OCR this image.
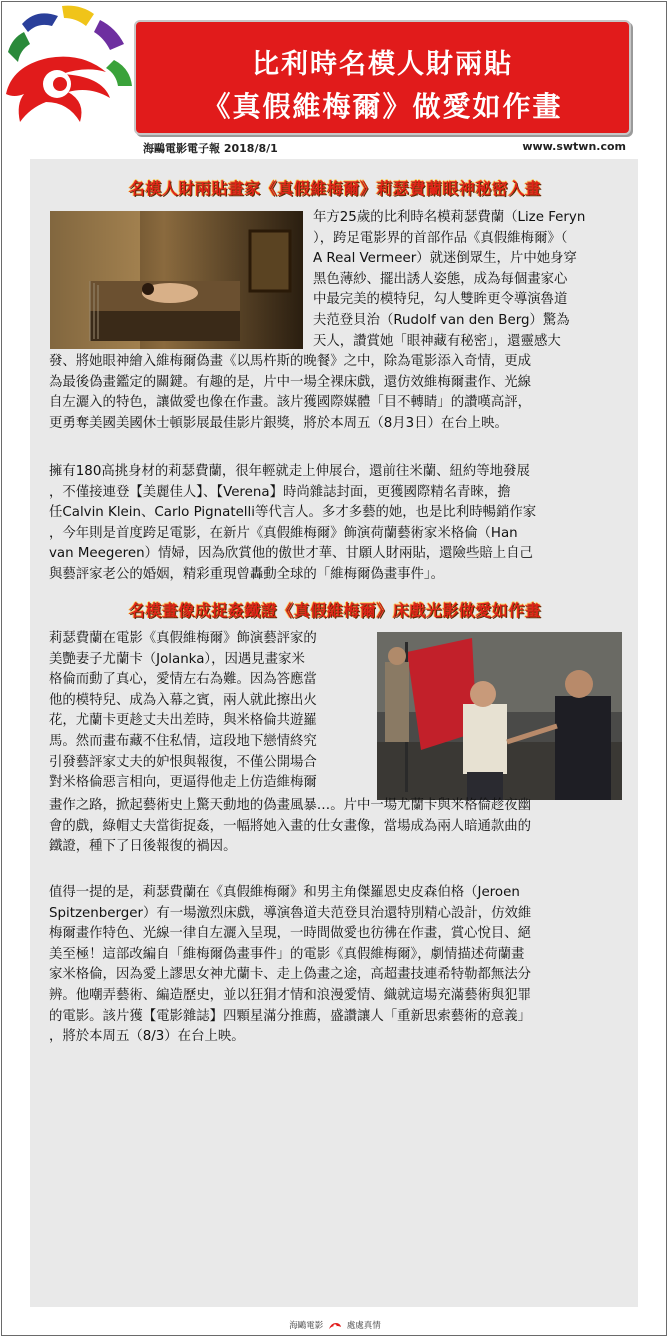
比利時名模人財兩貼
《真假維梅爾》做愛如作畫
海鷗電影電子報 2018/8/1	www.swtwn.com
名模人財兩貼畫家《真假維梅爾》莉瑟費蘭眼神秘密入畫

年方25歲的比利時名模莉瑟費蘭（Lize Feryn
），跨足電影界的首部作品《真假維梅爾》（
A Real Vermeer）就迷倒眾生，片中她身穿
黑色薄紗、擺出誘人姿態，成為每個畫家心
中最完美的模特兒，勾人雙眸更令導演魯道
夫范登貝治（Rudolf van den Berg）驚為
天人，讚賞她「眼神藏有秘密」，還靈感大

發、將她眼神繪入維梅爾偽畫《以馬杵斯的晚餐》之中，除為電影添入奇情，更成
為最後偽畫鑑定的關鍵。有趣的是，片中一場全裸床戲，還仿效維梅爾畫作、光線
自左灑入的特色，讓做愛也像在作畫。該片獲國際媒體「目不轉睛」的讚嘆高評，
更勇奪美國美國休士頓影展最佳影片銀獎，將於本周五（8月3日）在台上映。

擁有180高挑身材的莉瑟費蘭，很年輕就走上伸展台，還前往米蘭、紐約等地發展
，不僅接連登【美麗佳人】、【Verena】時尚雜誌封面，更獲國際精名青睞，擔
任Calvin Klein、Carlo Pignatelli等代言人。多才多藝的她，也是比利時暢銷作家
，今年則是首度跨足電影，在新片《真假維梅爾》飾演荷蘭藝術家米格倫（Han
van Meegeren）情婦，因為欣賞他的傲世才華、甘願人財兩貼，還險些賠上自己
與藝評家老公的婚姻，精彩重現曾轟動全球的「維梅爾偽畫事件」。

名模畫像成捉姦鐵證《真假維梅爾》床戲光影做愛如作畫

莉瑟費蘭在電影《真假維梅爾》飾演藝評家的
美艷妻子尤蘭卡（Jolanka），因遇見畫家米
格倫而動了真心，愛情左右為難。因為答應當
他的模特兒、成為入幕之賓，兩人就此擦出火
花，尤蘭卡更趁丈夫出差時，與米格倫共遊羅
馬。然而畫布藏不住私情，這段地下戀情終究
引發藝評家丈夫的妒恨與報復，不僅公開場合
對米格倫惡言相向，更逼得他走上仿造維梅爾

畫作之路，掀起藝術史上驚天動地的偽畫風暴…。片中一場尤蘭卡與米格倫趁夜幽
會的戲，綠帽丈夫當街捉姦，一幅將她入畫的仕女畫像，當場成為兩人暗通款曲的
鐵證，種下了日後報復的禍因。

值得一提的是，莉瑟費蘭在《真假維梅爾》和男主角傑羅恩史皮森伯格（Jeroen
Spitzenberger）有一場激烈床戲，導演魯道夫范登貝治還特別精心設計，仿效維
梅爾畫作特色、光線一律自左灑入呈現，一時間做愛也彷彿在作畫，賞心悅目、絕
美至極！這部改編自「維梅爾偽畫事件」的電影《真假維梅爾》，劇情描述荷蘭畫
家米格倫，因為愛上謬思女神尤蘭卡、走上偽畫之途，高超畫技連希特勒都無法分
辨。他嘲弄藝術、編造歷史，並以狂狷才情和浪漫愛情、織就這場充滿藝術與犯罪
的電影。該片獲【電影雜誌】四顆星滿分推薦，盛讚讓人「重新思索藝術的意義」
，將於本周五（8/3）在台上映。

海鷗電影	處處真情
